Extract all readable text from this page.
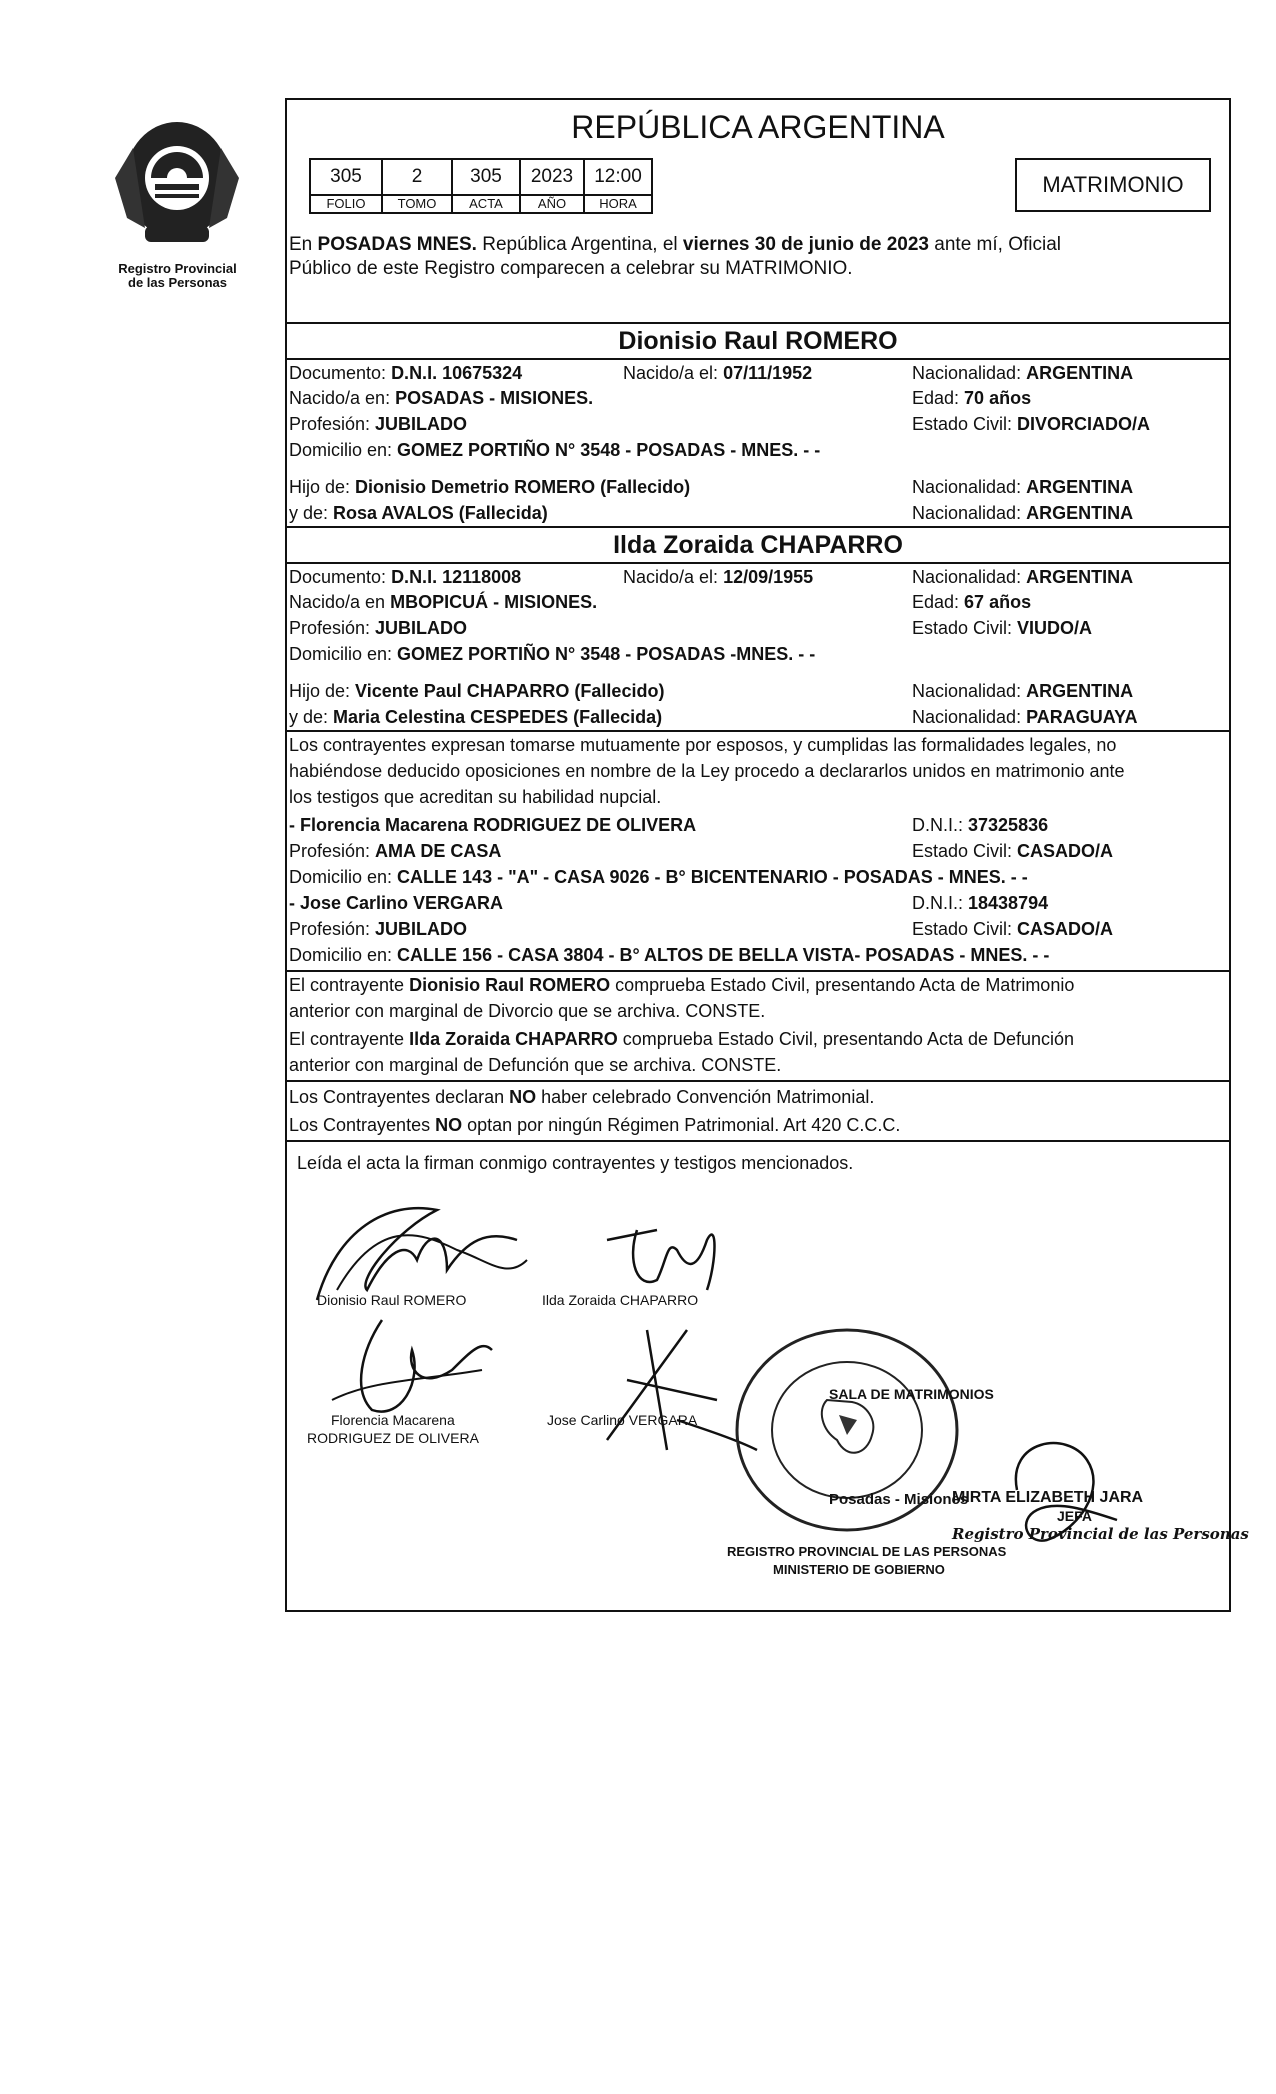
Registro Provincial
de las Personas
REPÚBLICA ARGENTINA
305	2	305	2023	12:00
FOLIO	TOMO	ACTA	AÑO	HORA
MATRIMONIO
En POSADAS MNES. República Argentina, el viernes 30 de junio de 2023 ante mí, Oficial
Público de este Registro comparecen a celebrar su MATRIMONIO.
Dionisio Raul ROMERO
Documento: D.N.I. 10675324	Nacido/a el: 07/11/1952	Nacionalidad: ARGENTINA
Nacido/a en: POSADAS - MISIONES.	Edad: 70 años
Profesión: JUBILADO	Estado Civil: DIVORCIADO/A
Domicilio en: GOMEZ PORTIÑO N° 3548 - POSADAS - MNES. - -
Hijo de: Dionisio Demetrio ROMERO (Fallecido)	Nacionalidad: ARGENTINA
y de: Rosa AVALOS (Fallecida)	Nacionalidad: ARGENTINA
Ilda Zoraida CHAPARRO
Documento: D.N.I. 12118008	Nacido/a el: 12/09/1955	Nacionalidad: ARGENTINA
Nacido/a en MBOPICUÁ - MISIONES.	Edad: 67 años
Profesión: JUBILADO	Estado Civil: VIUDO/A
Domicilio en: GOMEZ PORTIÑO N° 3548 - POSADAS -MNES. - -
Hijo de: Vicente Paul CHAPARRO (Fallecido)	Nacionalidad: ARGENTINA
y de: Maria Celestina CESPEDES (Fallecida)	Nacionalidad: PARAGUAYA
Los contrayentes expresan tomarse mutuamente por esposos, y cumplidas las formalidades legales, no
habiéndose deducido oposiciones en nombre de la Ley procedo a declararlos unidos en matrimonio ante
los testigos que acreditan su habilidad nupcial.
- Florencia Macarena RODRIGUEZ DE OLIVERA	D.N.I.: 37325836
Profesión: AMA DE CASA	Estado Civil: CASADO/A
Domicilio en: CALLE 143 - "A" - CASA 9026 - B° BICENTENARIO - POSADAS - MNES. - -
- Jose Carlino VERGARA	D.N.I.: 18438794
Profesión: JUBILADO	Estado Civil: CASADO/A
Domicilio en: CALLE 156 - CASA 3804 - B° ALTOS DE BELLA VISTA- POSADAS - MNES. - -
El contrayente Dionisio Raul ROMERO comprueba Estado Civil, presentando Acta de Matrimonio
anterior con marginal de Divorcio que se archiva. CONSTE.
El contrayente Ilda Zoraida CHAPARRO comprueba Estado Civil, presentando Acta de Defunción
anterior con marginal de Defunción que se archiva. CONSTE.
Los Contrayentes declaran NO haber celebrado Convención Matrimonial.
Los Contrayentes NO optan por ningún Régimen Patrimonial. Art 420 C.C.C.
Leída el acta la firman conmigo contrayentes y testigos mencionados.
Dionisio Raul ROMERO	Ilda Zoraida CHAPARRO
Florencia Macarena
RODRIGUEZ DE OLIVERA
Jose Carlino VERGARA
SALA DE MATRIMONIOS
Posadas - Misiones
REGISTRO PROVINCIAL DE LAS PERSONAS
MINISTERIO DE GOBIERNO
MIRTA ELIZABETH JARA
JEFA
Registro Provincial de las Personas
